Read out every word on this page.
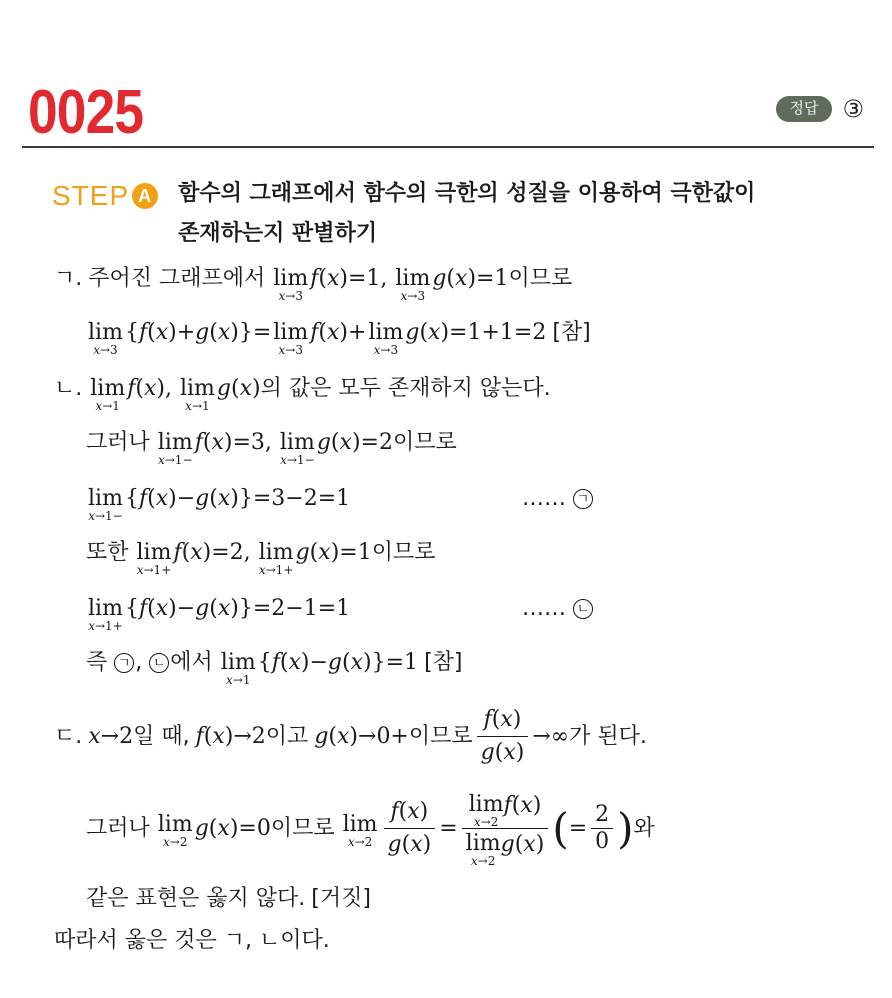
0025	정답	③
STEP A 함수의 그래프에서 함수의 극한의 성질을 이용하여 극한값이
존재하는지 판별하기
ㄱ. 주어진 그래프에서 lim
x→3
f ( x )=1, lim
x→3
g ( x )=1 이므로
lim
x→3
{ f ( x )+ g ( x )}= lim
x→3
f ( x )+ lim
x→3
g ( x )=1+1=2 [참]
ㄴ. lim
x→1
f ( x ), lim
x→1
g ( x ) 의 값은 모두 존재하지 않는다.
그러나 lim
x→1−
f ( x )=3, lim
x→1−
g ( x )=2 이므로
lim
x→1−
{ f ( x )− g ( x )} =3−2=1	…… ㄱ
또한 lim
x→1+
f ( x )=2, lim
x→1+
g ( x )=1 이므로
lim
x→1+
{ f ( x )− g ( x )} =2−1=1	…… ㄴ
즉 ㄱ , ㄴ 에서 lim
x→1
{ f ( x )− g ( x )} =1 [참]
ㄷ. x →2 일 때, f ( x )→2 이고 g ( x )→0+ 이므로 $\frac{f(x)}{g(x)}$ →∞ 가 된다.
그러나 lim
x→2
g ( x )=0 이므로 lim
$x\to 2 \frac{f(x)}{g(x)} = \lim$
x→2
f ( x )
lim
x→2
g ( x ) ( = $\frac{2}{0}$ ) 와
같은 표현은 옳지 않다. [거짓]
따라서 옳은 것은 ㄱ, ㄴ이다.
